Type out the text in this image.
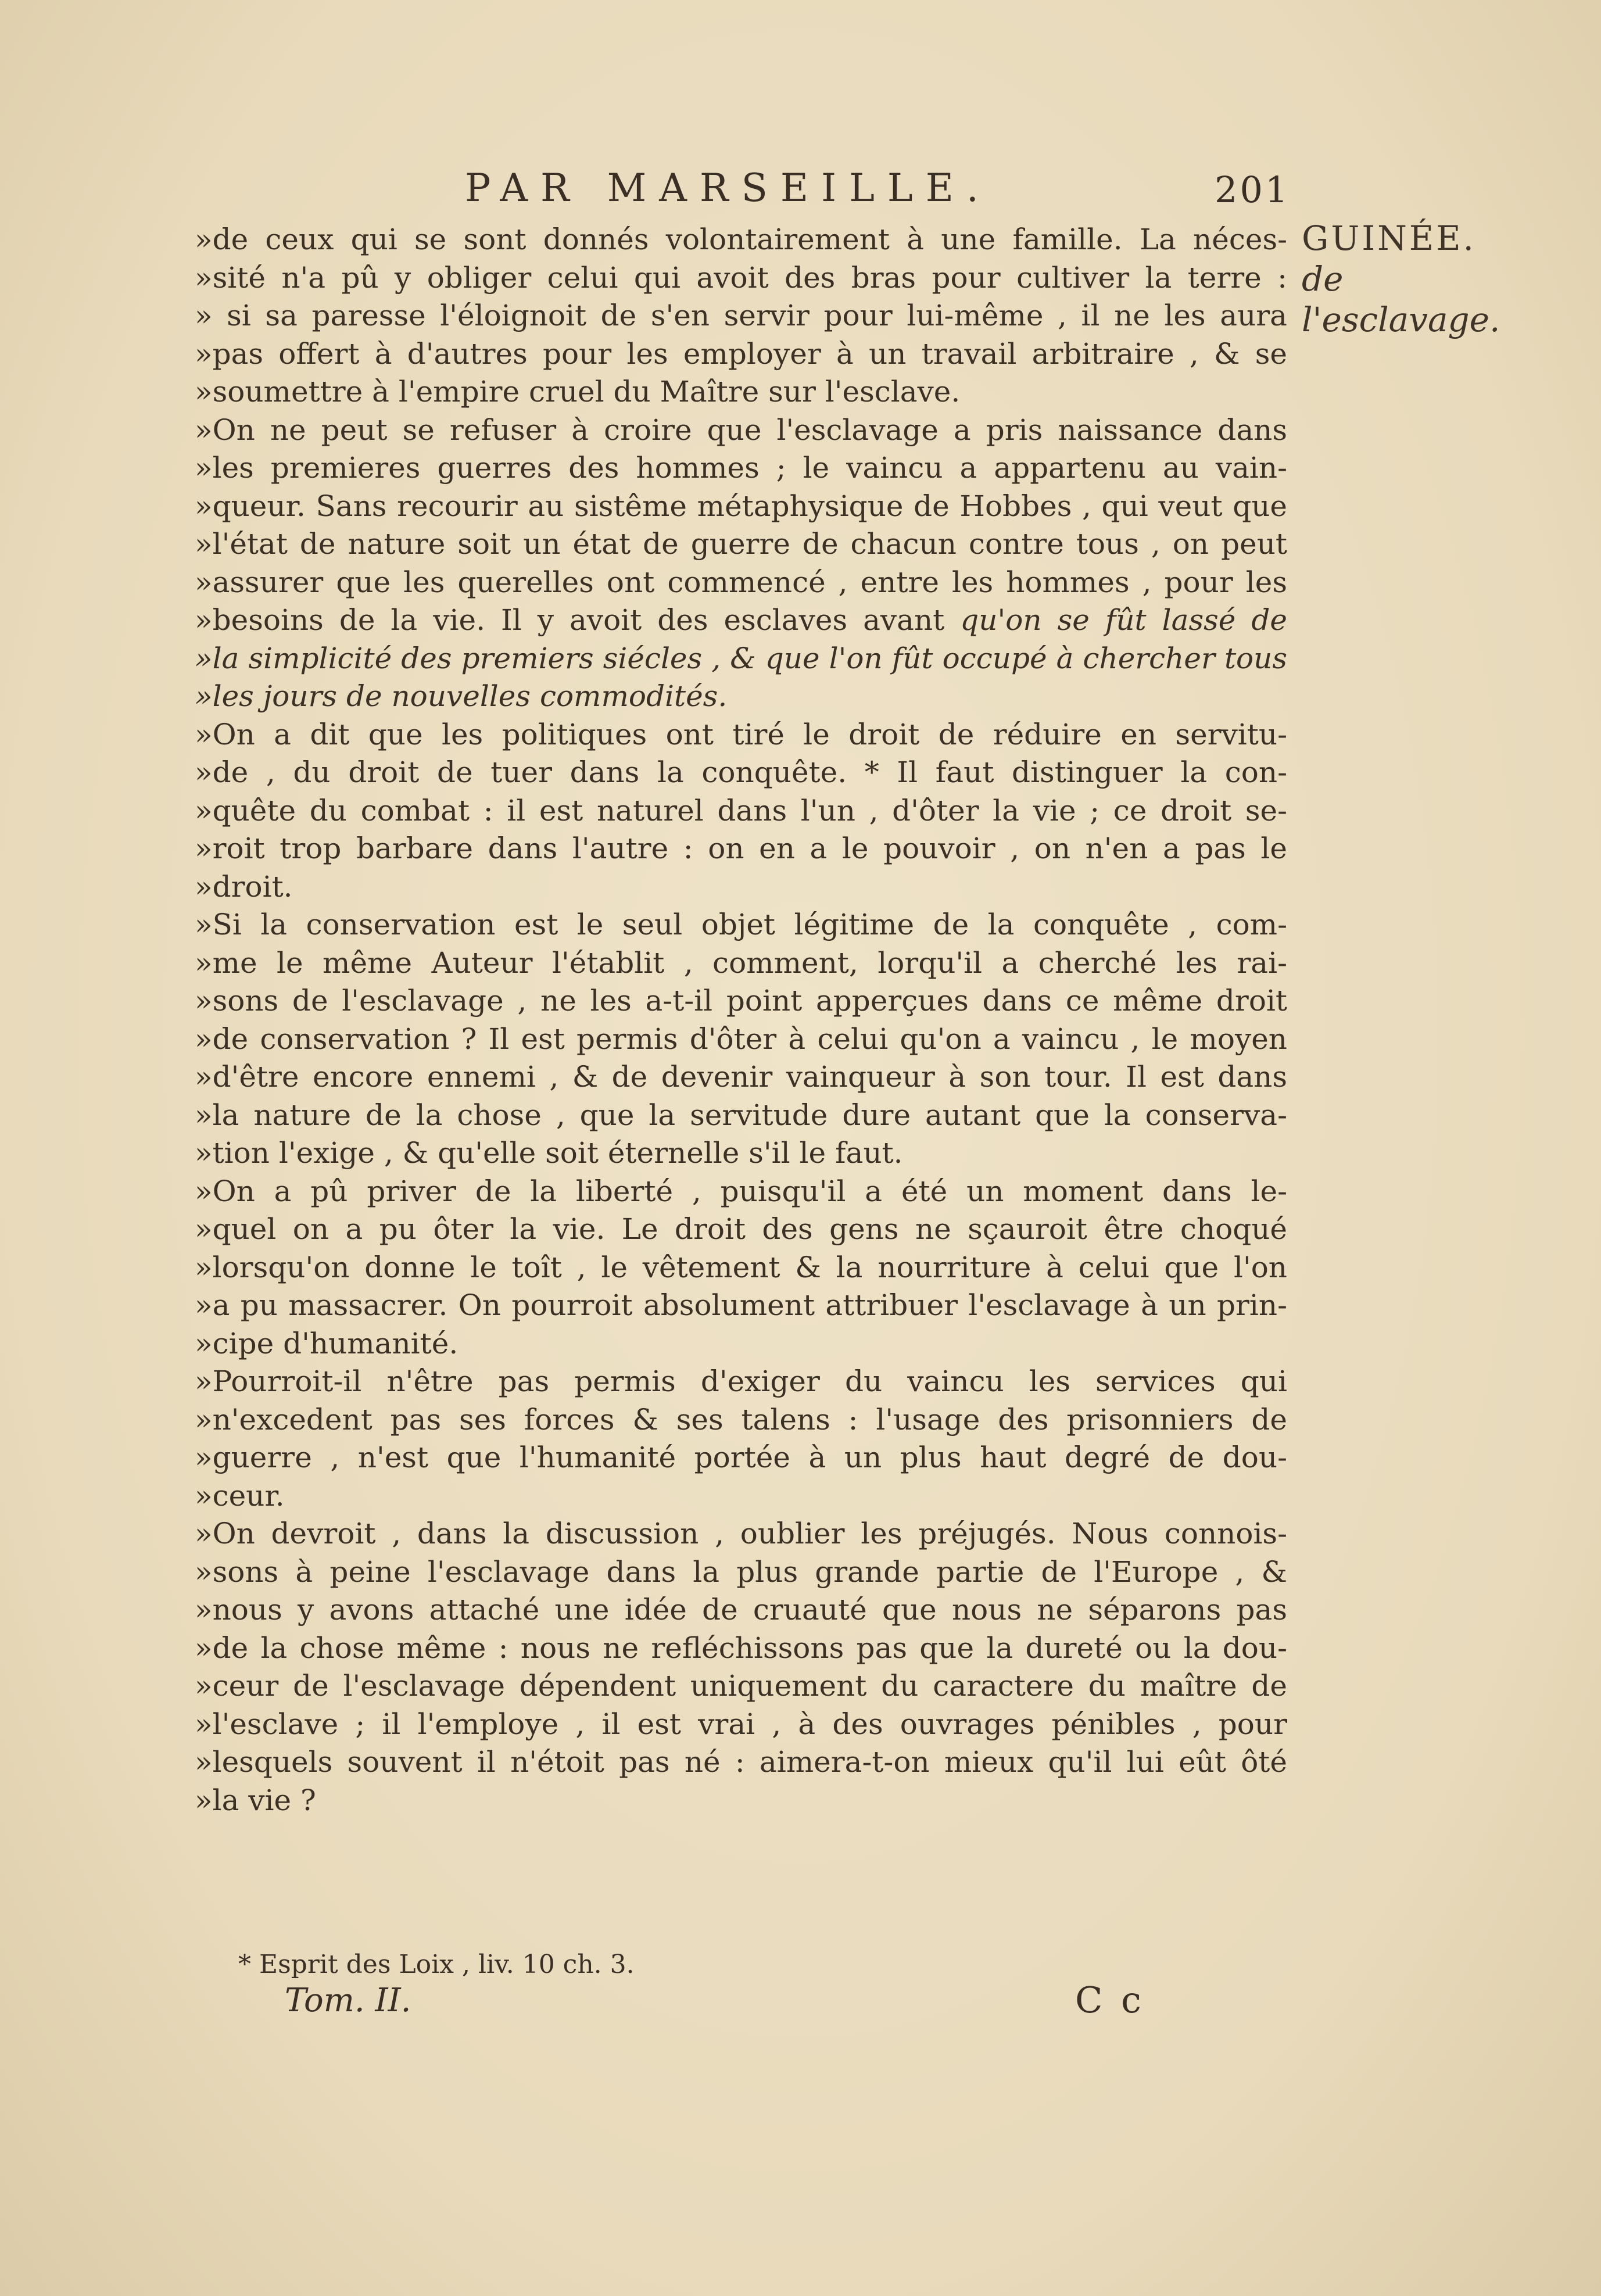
PAR MARSEILLE.	201
GUINÉE.
de l'esclavage.
»de ceux qui se sont donnés volontairement à une famille. La néces-
»sité n'a pû y obliger celui qui avoit des bras pour cultiver la terre :
» si sa paresse l'éloignoit de s'en servir pour lui-même , il ne les aura
»pas offert à d'autres pour les employer à un travail arbitraire , & se
»soumettre à l'empire cruel du Maître sur l'esclave.
»On ne peut se refuser à croire que l'esclavage a pris naissance dans
»les premieres guerres des hommes ; le vaincu a appartenu au vain-
»queur. Sans recourir au sistême métaphysique de Hobbes , qui veut que
»l'état de nature soit un état de guerre de chacun contre tous , on peut
»assurer que les querelles ont commencé , entre les hommes , pour les
»besoins de la vie. Il y avoit des esclaves avant qu'on se fût lassé de
»la simplicité des premiers siécles , & que l'on fût occupé à chercher tous
»les jours de nouvelles commodités.
»On a dit que les politiques ont tiré le droit de réduire en servitu-
»de , du droit de tuer dans la conquête. * Il faut distinguer la con-
»quête du combat : il est naturel dans l'un , d'ôter la vie ; ce droit se-
»roit trop barbare dans l'autre : on en a le pouvoir , on n'en a pas le
»droit.
»Si la conservation est le seul objet légitime de la conquête , com-
»me le même Auteur l'établit , comment, lorqu'il a cherché les rai-
»sons de l'esclavage , ne les a-t-il point apperçues dans ce même droit
»de conservation ? Il est permis d'ôter à celui qu'on a vaincu , le moyen
»d'être encore ennemi , & de devenir vainqueur à son tour. Il est dans
»la nature de la chose , que la servitude dure autant que la conserva-
»tion l'exige , & qu'elle soit éternelle s'il le faut.
»On a pû priver de la liberté , puisqu'il a été un moment dans le-
»quel on a pu ôter la vie. Le droit des gens ne sçauroit être choqué
»lorsqu'on donne le toît , le vêtement & la nourriture à celui que l'on
»a pu massacrer. On pourroit absolument attribuer l'esclavage à un prin-
»cipe d'humanité.
»Pourroit-il n'être pas permis d'exiger du vaincu les services qui
»n'excedent pas ses forces & ses talens : l'usage des prisonniers de
»guerre , n'est que l'humanité portée à un plus haut degré de dou-
»ceur.
»On devroit , dans la discussion , oublier les préjugés. Nous connois-
»sons à peine l'esclavage dans la plus grande partie de l'Europe , &
»nous y avons attaché une idée de cruauté que nous ne séparons pas
»de la chose même : nous ne refléchissons pas que la dureté ou la dou-
»ceur de l'esclavage dépendent uniquement du caractere du maître de
»l'esclave ; il l'employe , il est vrai , à des ouvrages pénibles , pour
»lesquels souvent il n'étoit pas né : aimera-t-on mieux qu'il lui eût ôté
»la vie ?
* Esprit des Loix , liv. 10 ch. 3.
Tom. II.	C c
